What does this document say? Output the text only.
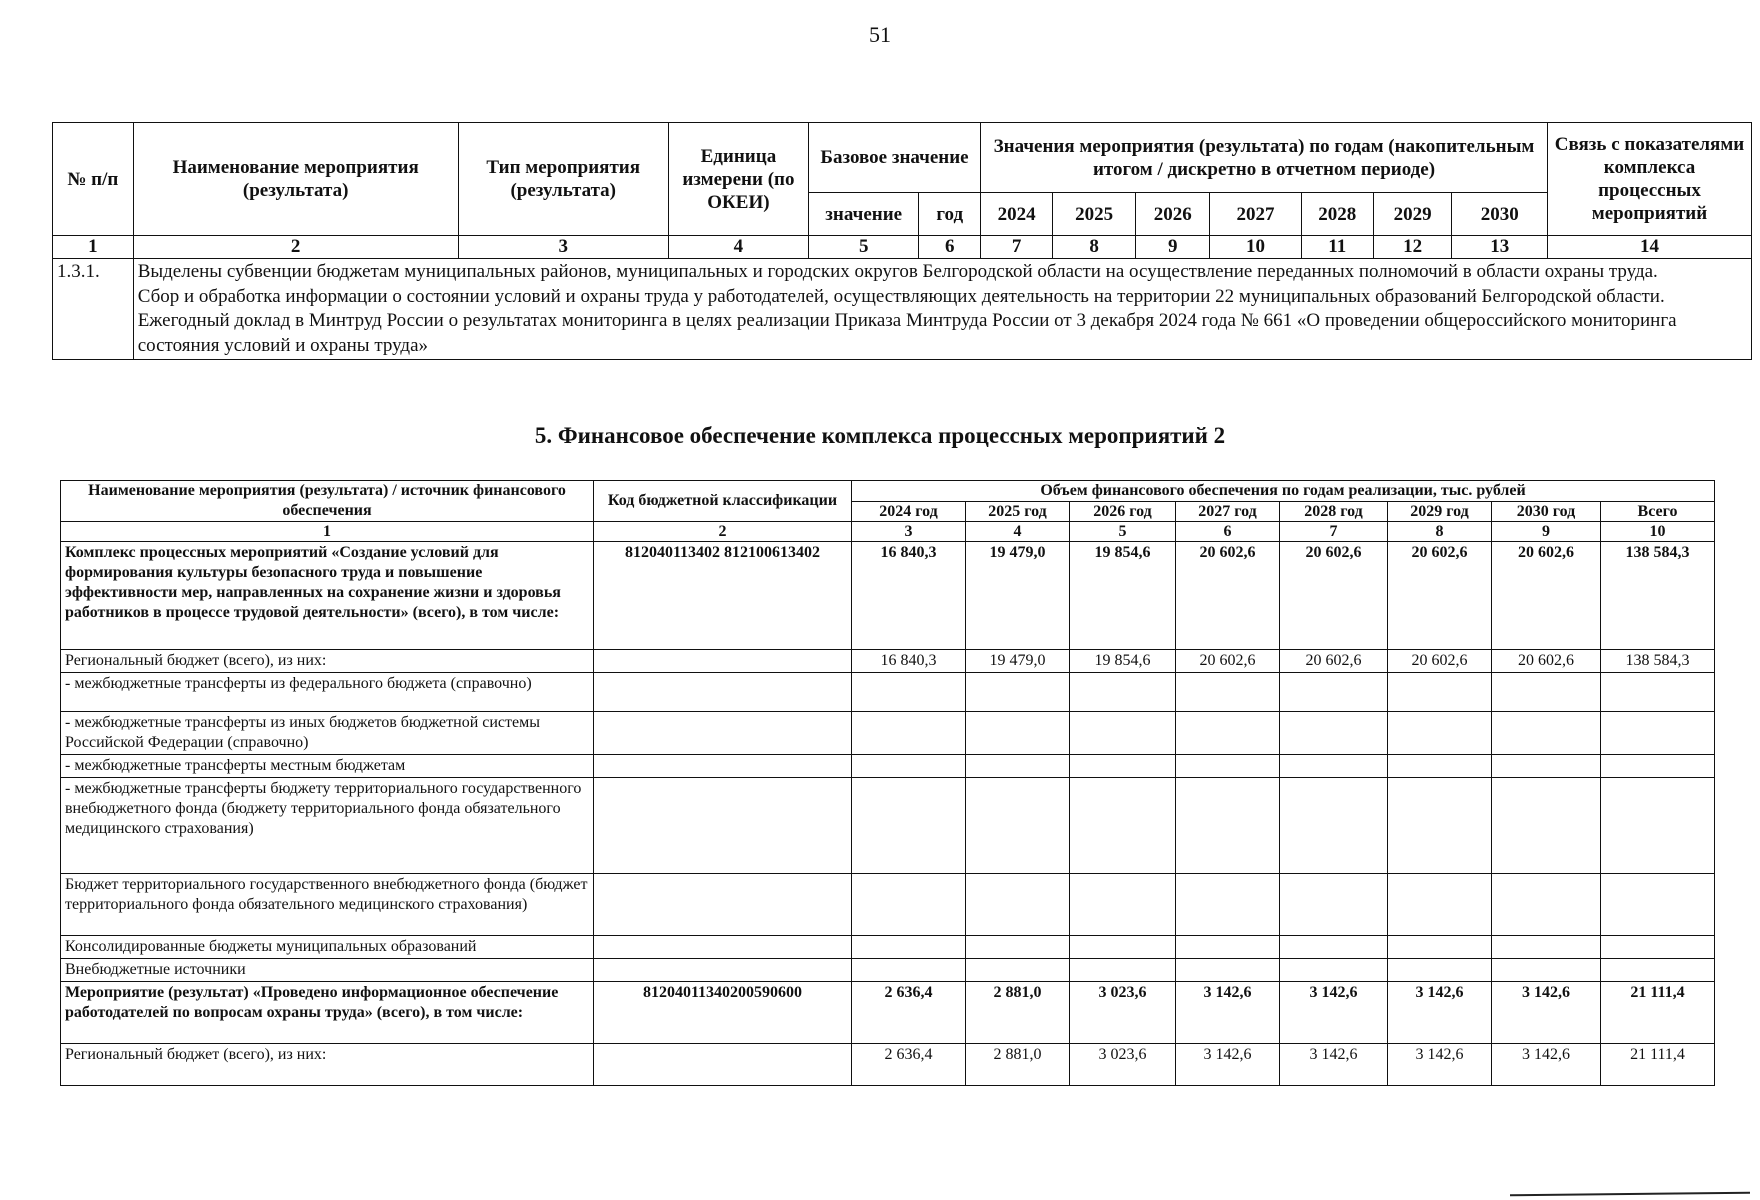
51
№ п/п	Наименование мероприятия (результата)	Тип мероприятия (результата)	Единица измерени (по ОКЕИ)	Базовое значение		Значения мероприятия (результата) по годам (накопительным итогом / дискретно в отчетном периоде)							Связь с показателями комплекса процессных мероприятий
				значение	год	2024	2025	2026	2027	2028	2029	2030	
1	2	3	4	5	6	7	8	9	10	11	12	13	14
1.3.1.	Выделены субвенции бюджетам муниципальных районов, муниципальных и городских округов Белгородской области на осуществление переданных полномочий в области охраны труда.
Сбор и обработка информации о состоянии условий и охраны труда у работодателей, осуществляющих деятельность на территории 22 муниципальных образований Белгородской области. Ежегодный доклад в Минтруд России о результатах мониторинга в целях реализации Приказа Минтруда России от 3 декабря 2024 года № 661 «О проведении общероссийского мониторинга состояния условий и охраны труда»												
5. Финансовое обеспечение комплекса процессных мероприятий 2
Наименование мероприятия (результата) / источник финансового обеспечения	Код бюджетной классификации	Объем финансового обеспечения по годам реализации, тыс. рублей							
		2024 год	2025 год	2026 год	2027 год	2028 год	2029 год	2030 год	Всего
1	2	3	4	5	6	7	8	9	10
Комплекс процессных мероприятий «Создание условий для формирования культуры безопасного труда и повышение эффективности мер, направленных на сохранение жизни и здоровья работников в процессе трудовой деятельности» (всего), в том числе:	812040113402 812100613402	16 840,3	19 479,0	19 854,6	20 602,6	20 602,6	20 602,6	20 602,6	138 584,3
Региональный бюджет (всего), из них:		16 840,3	19 479,0	19 854,6	20 602,6	20 602,6	20 602,6	20 602,6	138 584,3
- межбюджетные трансферты из федерального бюджета (справочно)									
- межбюджетные трансферты из иных бюджетов бюджетной системы Российской Федерации (справочно)									
- межбюджетные трансферты местным бюджетам									
- межбюджетные трансферты бюджету территориального государственного внебюджетного фонда (бюджету территориального фонда обязательного медицинского страхования)									
Бюджет территориального государственного внебюджетного фонда (бюджет территориального фонда обязательного медицинского страхования)									
Консолидированные бюджеты муниципальных образований									
Внебюджетные источники									
Мероприятие (результат) «Проведено информационное обеспечение работодателей по вопросам охраны труда» (всего), в том числе:	81204011340200590600	2 636,4	2 881,0	3 023,6	3 142,6	3 142,6	3 142,6	3 142,6	21 111,4
Региональный бюджет (всего), из них:		2 636,4	2 881,0	3 023,6	3 142,6	3 142,6	3 142,6	3 142,6	21 111,4
